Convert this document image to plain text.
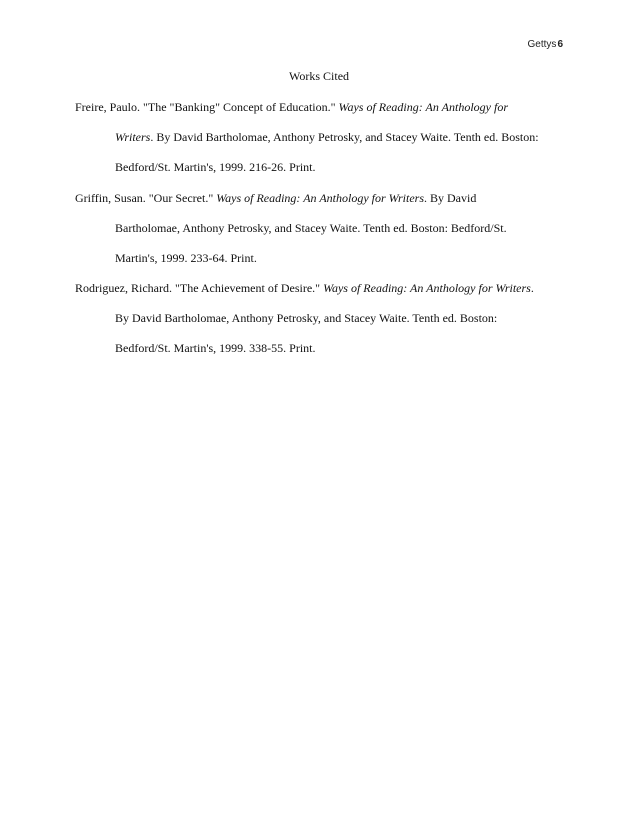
Gettys6
Works Cited
Freire, Paulo. "The "Banking" Concept of Education." Ways of Reading: An Anthology for
Writers. By David Bartholomae, Anthony Petrosky, and Stacey Waite. Tenth ed. Boston:
Bedford/St. Martin's, 1999. 216-26. Print.
Griffin, Susan. "Our Secret." Ways of Reading: An Anthology for Writers. By David
Bartholomae, Anthony Petrosky, and Stacey Waite. Tenth ed. Boston: Bedford/St.
Martin's, 1999. 233-64. Print.
Rodriguez, Richard. "The Achievement of Desire." Ways of Reading: An Anthology for Writers.
By David Bartholomae, Anthony Petrosky, and Stacey Waite. Tenth ed. Boston:
Bedford/St. Martin's, 1999. 338-55. Print.
